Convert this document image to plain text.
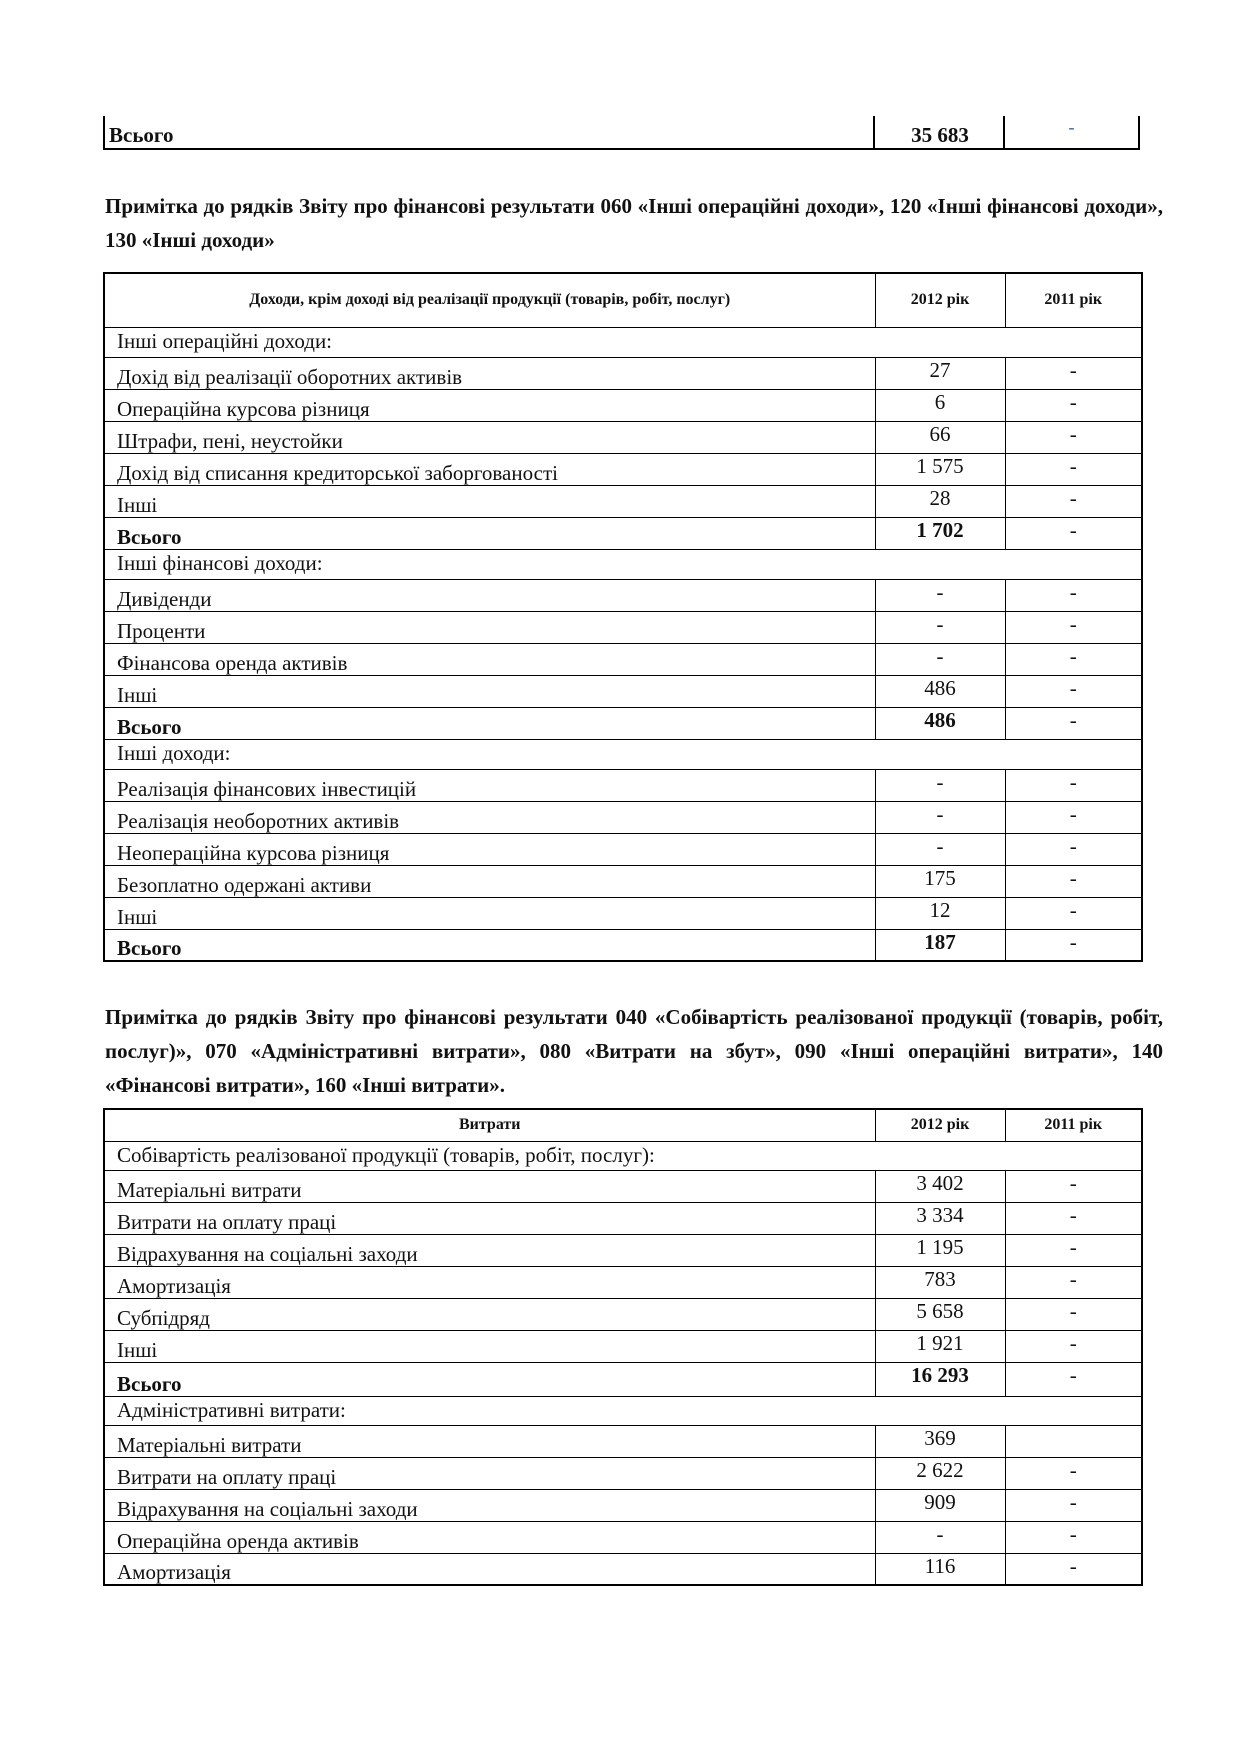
Всього	35 683	-

Примітка до рядків Звіту про фінансові результати 060 «Інші операційні доходи», 120 «Інші фінансові доходи», 130 «Інші доходи»

Доходи, крім доході від реалізації продукції (товарів, робіт, послуг)	2012 рік	2011 рік
Інші операційні доходи:		
Дохід від реалізації оборотних активів	27	-
Операційна курсова різниця	6	-
Штрафи, пені, неустойки	66	-
Дохід від списання кредиторської заборгованості	1 575	-
Інші	28	-
Всього	1 702	-
Інші фінансові доходи:		
Дивіденди	-	-
Проценти	-	-
Фінансова оренда активів	-	-
Інші	486	-
Всього	486	-
Інші доходи:		
Реалізація фінансових інвестицій	-	-
Реалізація необоротних активів	-	-
Неопераційна курсова різниця	-	-
Безоплатно одержані активи	175	-
Інші	12	-
Всього	187	-

Примітка до рядків Звіту про фінансові результати 040 «Собівартість реалізованої продукції (товарів, робіт, послуг)», 070 «Адміністративні витрати», 080 «Витрати на збут», 090 «Інші операційні витрати», 140 «Фінансові витрати», 160 «Інші витрати».

Витрати	2012 рік	2011 рік
Собівартість реалізованої продукції (товарів, робіт, послуг):		
Матеріальні витрати	3 402	-
Витрати на оплату праці	3 334	-
Відрахування на соціальні заходи	1 195	-
Амортизація	783	-
Субпідряд	5 658	-
Інші	1 921	-
Всього	16 293	-
Адміністративні витрати:		
Матеріальні витрати	369	
Витрати на оплату праці	2 622	-
Відрахування на соціальні заходи	909	-
Операційна оренда активів	-	-
Амортизація	116	-
